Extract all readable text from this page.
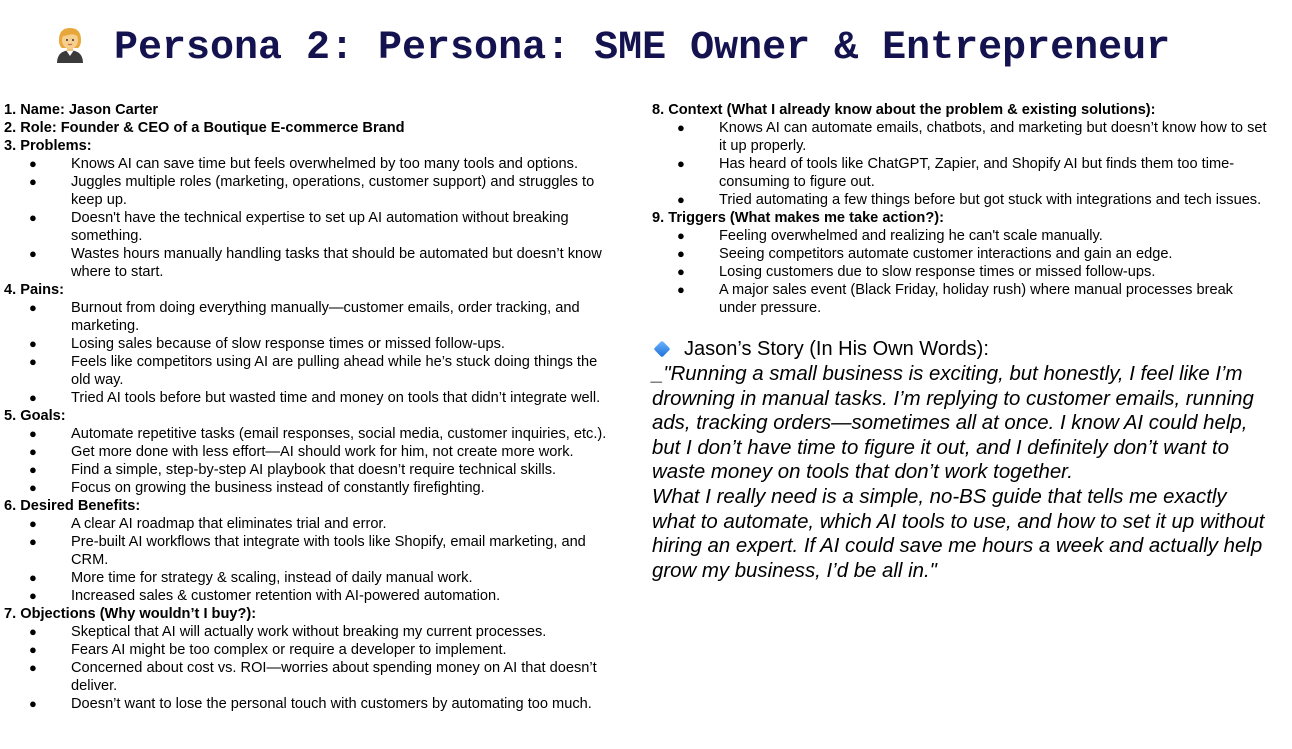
Persona 2: Persona: SME Owner & Entrepreneur
1. Name: Jason Carter
2. Role: Founder & CEO of a Boutique E-commerce Brand
3. Problems:
● Knows AI can save time but feels overwhelmed by too many tools and options.
● Juggles multiple roles (marketing, operations, customer support) and struggles to keep up.
● Doesn't have the technical expertise to set up AI automation without breaking something.
● Wastes hours manually handling tasks that should be automated but doesn’t know where to start.
4. Pains:
● Burnout from doing everything manually—customer emails, order tracking, and marketing.
● Losing sales because of slow response times or missed follow-ups.
● Feels like competitors using AI are pulling ahead while he’s stuck doing things the old way.
● Tried AI tools before but wasted time and money on tools that didn’t integrate well.
5. Goals:
● Automate repetitive tasks (email responses, social media, customer inquiries, etc.).
● Get more done with less effort—AI should work for him, not create more work.
● Find a simple, step-by-step AI playbook that doesn’t require technical skills.
● Focus on growing the business instead of constantly firefighting.
6. Desired Benefits:
● A clear AI roadmap that eliminates trial and error.
● Pre-built AI workflows that integrate with tools like Shopify, email marketing, and CRM.
● More time for strategy & scaling, instead of daily manual work.
● Increased sales & customer retention with AI-powered automation.
7. Objections (Why wouldn’t I buy?):
● Skeptical that AI will actually work without breaking my current processes.
● Fears AI might be too complex or require a developer to implement.
● Concerned about cost vs. ROI—worries about spending money on AI that doesn’t deliver.
● Doesn’t want to lose the personal touch with customers by automating too much.
8. Context (What I already know about the problem & existing solutions):
● Knows AI can automate emails, chatbots, and marketing but doesn’t know how to set it up properly.
● Has heard of tools like ChatGPT, Zapier, and Shopify AI but finds them too time-consuming to figure out.
● Tried automating a few things before but got stuck with integrations and tech issues.
9. Triggers (What makes me take action?):
● Feeling overwhelmed and realizing he can't scale manually.
● Seeing competitors automate customer interactions and gain an edge.
● Losing customers due to slow response times or missed follow-ups.
● A major sales event (Black Friday, holiday rush) where manual processes break under pressure.
Jason’s Story (In His Own Words):

_"Running a small business is exciting, but honestly, I feel like I’m drowning in manual tasks. I’m replying to customer emails, running ads, tracking orders—sometimes all at once. I know AI could help, but I don’t have time to figure it out, and I definitely don’t want to waste money on tools that don’t work together.

What I really need is a simple, no-BS guide that tells me exactly what to automate, which AI tools to use, and how to set it up without hiring an expert. If AI could save me hours a week and actually help grow my business, I’d be all in."
